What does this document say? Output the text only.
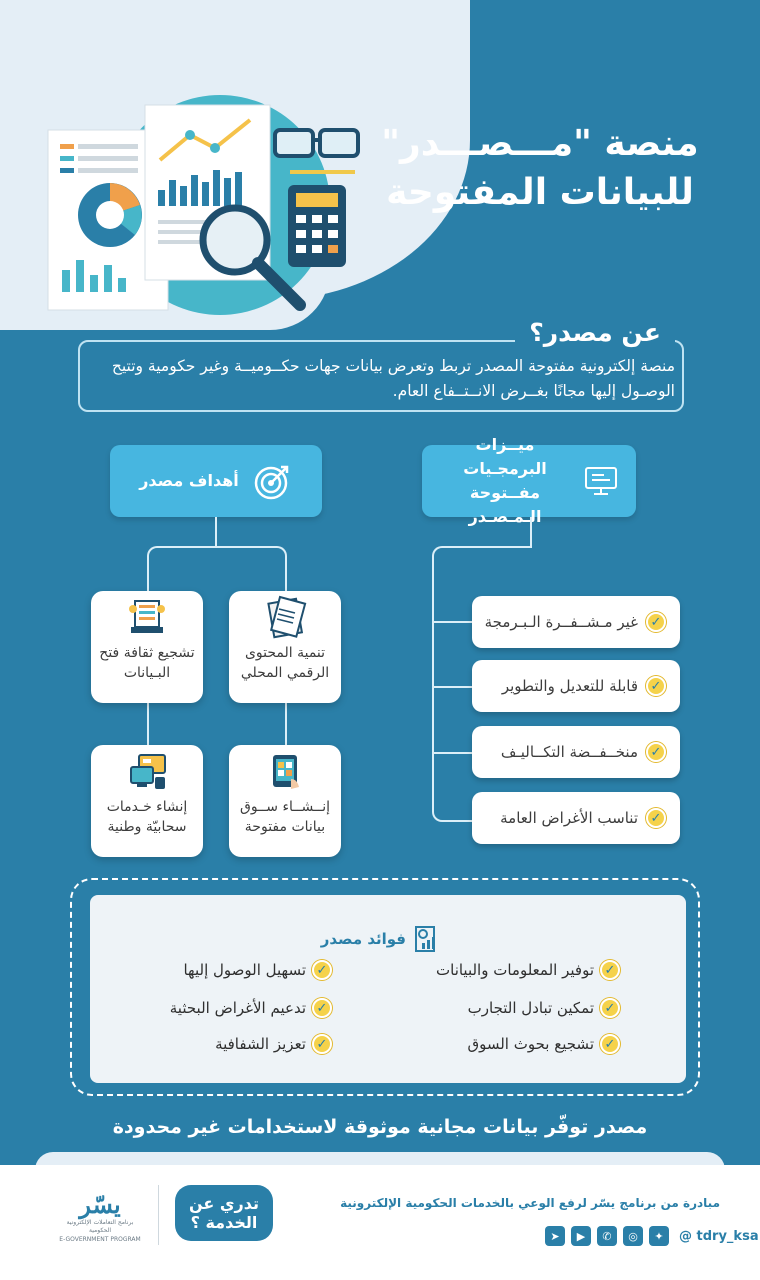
منصة "مـــصـــدر"
للبيانات المفتوحة
عن مصدر؟
منصة إلكترونية مفتوحة المصدر تربط وتعرض بيانات جهات حكــوميــة وغير حكومية وتتيح الوصـول إليها مجانًا بغــرض الانــتــفاع العام.
ميــزات البرمجـيات مفــتوحة الـمـصـدر
أهداف مصدر
تنمية المحتوى الرقمي المحلي
تشجيع ثقافة فتح البـيانات
إنــشــاء ســوق بيانات مفتوحة
إنشاء خـدمات سحابيّة وطنية
✓
غير مـشــفــرة الـبـرمجة
✓
قابلة للتعديل والتطوير
✓
منخــفــضة التكــاليـف
✓
تناسب الأغراض العامة
فوائد مصدر
✓
توفير المعلومات والبيانات
✓
تمكين تبادل التجارب
✓
تشجيع بحوث السوق
✓
تسهيل الوصول إليها
✓
تدعيم الأغراض البحثية
✓
تعزيز الشفافية
مصدر توفّر بيانات مجانية موثوقة لاستخدامات غير محدودة
مبادرة من برنامج يسّر لرفع الوعي بالخدمات الحكومية الإلكترونية
➤	▶	✆	◎	✦	@ tdry_ksa
تدري عن الخدمة ؟
يسّر
برنامج التعاملات الإلكترونية الحكومية
E-GOVERNMENT PROGRAM
